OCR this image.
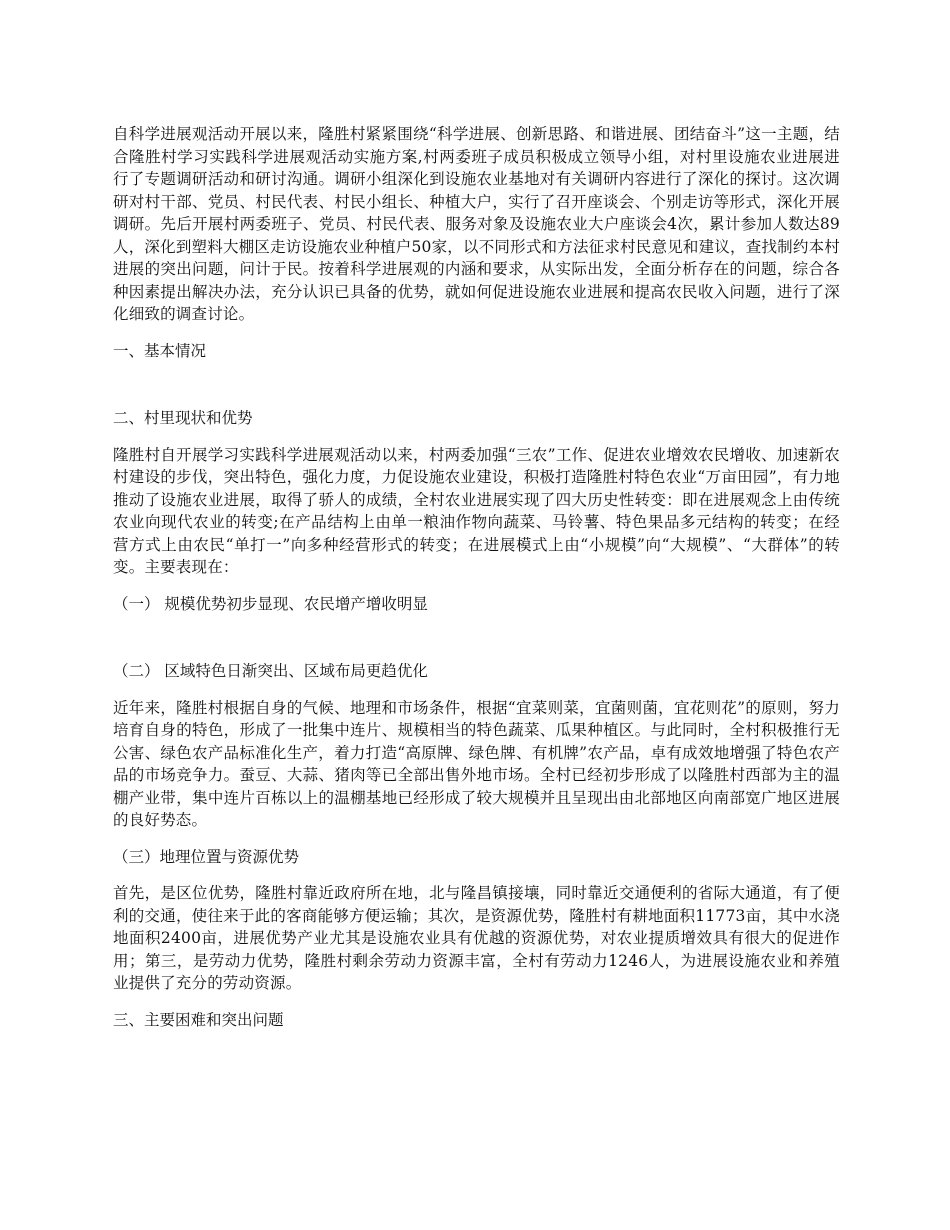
自科学进展观活动开展以来，隆胜村紧紧围绕“科学进展、创新思路、和谐进展、团结奋斗”这一主题，结合隆胜村学习实践科学进展观活动实施方案,村两委班子成员积极成立领导小组，对村里设施农业进展进行了专题调研活动和研讨沟通。调研小组深化到设施农业基地对有关调研内容进行了深化的探讨。这次调研对村干部、党员、村民代表、村民小组长、种植大户，实行了召开座谈会、个别走访等形式，深化开展调研。先后开展村两委班子、党员、村民代表、服务对象及设施农业大户座谈会4次，累计参加人数达89人，深化到塑料大棚区走访设施农业种植户50家，以不同形式和方法征求村民意见和建议，查找制约本村进展的突出问题，问计于民。按着科学进展观的内涵和要求，从实际出发，全面分析存在的问题，综合各种因素提出解决办法，充分认识已具备的优势，就如何促进设施农业进展和提高农民收入问题，进行了深化细致的调查讨论。

一、基本情况

二、村里现状和优势

隆胜村自开展学习实践科学进展观活动以来，村两委加强“三农”工作、促进农业增效农民增收、加速新农村建设的步伐，突出特色，强化力度，力促设施农业建设，积极打造隆胜村特色农业“万亩田园”，有力地推动了设施农业进展，取得了骄人的成绩，全村农业进展实现了四大历史性转变：即在进展观念上由传统农业向现代农业的转变;在产品结构上由单一粮油作物向蔬菜、马铃薯、特色果品多元结构的转变；在经营方式上由农民“单打一”向多种经营形式的转变；在进展模式上由“小规模”向“大规模”、“大群体”的转变。主要表现在：

（一） 规模优势初步显现、农民增产增收明显

（二） 区域特色日渐突出、区域布局更趋优化

近年来，隆胜村根据自身的气候、地理和市场条件，根据“宜菜则菜，宜菌则菌，宜花则花”的原则，努力培育自身的特色，形成了一批集中连片、规模相当的特色蔬菜、瓜果种植区。与此同时，全村积极推行无公害、绿色农产品标准化生产，着力打造“高原牌、绿色牌、有机牌”农产品，卓有成效地增强了特色农产品的市场竞争力。蚕豆、大蒜、猪肉等已全部出售外地市场。全村已经初步形成了以隆胜村西部为主的温棚产业带，集中连片百栋以上的温棚基地已经形成了较大规模并且呈现出由北部地区向南部宽广地区进展的良好势态。

（三）地理位置与资源优势

首先，是区位优势，隆胜村靠近政府所在地，北与隆昌镇接壤，同时靠近交通便利的省际大通道，有了便利的交通，使往来于此的客商能够方便运输；其次，是资源优势，隆胜村有耕地面积11773亩，其中水浇地面积2400亩，进展优势产业尤其是设施农业具有优越的资源优势，对农业提质增效具有很大的促进作用；第三，是劳动力优势，隆胜村剩余劳动力资源丰富，全村有劳动力1246人，为进展设施农业和养殖业提供了充分的劳动资源。

三、主要困难和突出问题
